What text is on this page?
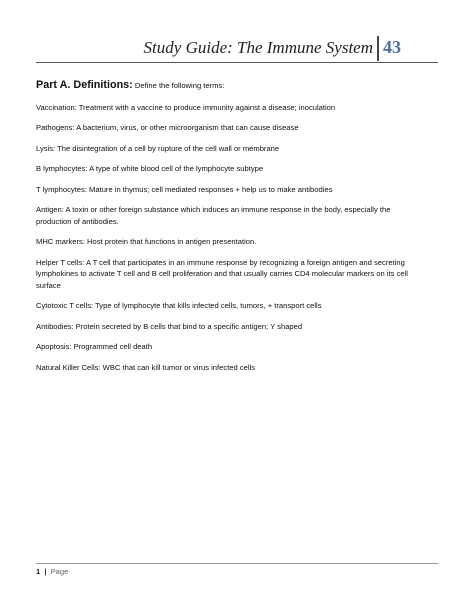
Study Guide: The Immune System 43
Part A. Definitions: Define the following terms:

Vaccination: Treatment with a vaccine to produce immunity against a disease; inoculation

Pathogens: A bacterium, virus, or other microorganism that can cause disease

Lysis: The disintegration of a cell by rupture of the cell wall or membrane

B lymphocytes: A type of white blood cell of the lymphocyte subtype

T lymphocytes: Mature in thymus; cell mediated responses + help us to make antibodies

Antigen: A toxin or other foreign substance which induces an immune response in the body, especially the production of antibodies.

MHC markers: Host protein that functions in antigen presentation.

Helper T cells: A T cell that participates in an immune response by recognizing a foreign antigen and secreting lymphokines to activate T cell and B cell proliferation and that usually carries CD4 molecular markers on its cell surface

Cytotoxic T cells: Type of lymphocyte that kills infected cells, tumors, + transport cells

Antibodies: Protein secreted by B cells that bind to a specific antigen; Y shaped

Apoptosis: Programmed cell death

Natural Killer Cells: WBC that can kill tumor or virus infected cells

1 | Page
